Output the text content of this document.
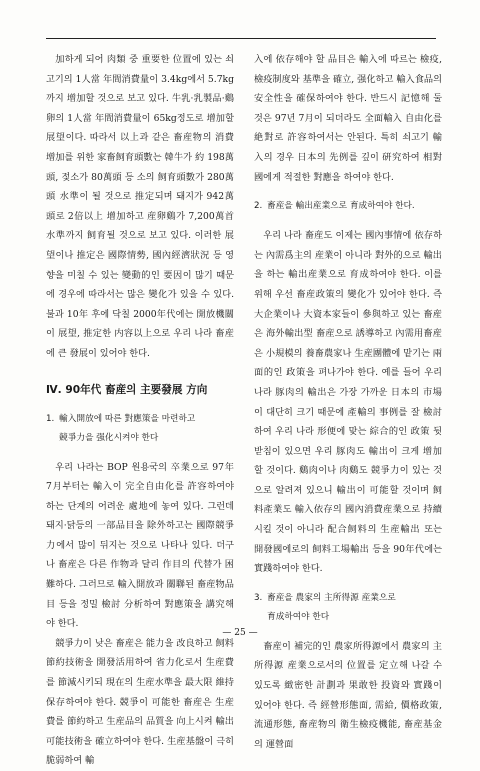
加하게 되어 肉類 중 重要한 位置에 있는 쇠고기의 1人當 年間消費量이 3.4kg에서 5.7kg까지 增加할 것으로 보고 있다. 牛乳·乳製品·鷄卵의 1人當 年間消費量이 65kg정도로 增加할 展望이다. 따라서 以上과 같은 畜産物의 消費增加를 위한 家畜飼育頭數는 韓牛가 約 198萬頭, 젖소가 80萬頭 등 소의 飼育頭數가 280萬頭 水準이 될 것으로 推定되며 돼지가 942萬頭로 2倍以上 增加하고 産卵鷄가 7,200萬首 水準까지 飼育될 것으로 보고 있다. 이러한 展望이나 推定은 國際情勢, 國內經濟狀況 등 영향을 미칠 수 있는 變動的인 要因이 많기 때문에 경우에 따라서는 많은 變化가 있을 수 있다. 불과 10年 후에 닥칠 2000年代에는 開放機關이 展望, 推定한 内容以上으로 우리 나라 畜産에 큰 發展이 있어야 한다.

Ⅳ. 90年代 畜産의 主要發展 方向

1. 輸入開放에 따른 對應策을 마련하고
競爭力을 强化시켜야 한다

우리 나라는 BOP 원용국의 卒業으로 97年 7月부터는 輸入이 完全自由化를 許容하여야 하는 단계의 어려운 處地에 놓여 있다. 그런데 돼지·닭등의 一部品目을 除外하고는 國際競爭力에서 많이 뒤지는 것으로 나타나 있다. 더구나 畜産은 다른 作物과 달리 作目의 代替가 困難하다. 그러므로 輸入開放과 關聯된 畜産物品目 등을 정밀 檢討 分析하여 對應策을 講究해야 한다.

競爭力이 낮은 畜産은 能力을 改良하고 飼料節約技術을 開發活用하여 省力化로서 生産費를 節減시키되 現在의 生産水準을 最大限 維持 保存하여야 한다. 競爭이 可能한 畜産은 生産費를 節約하고 生産品의 品質을 向上시켜 輸出可能技術을 確立하여야 한다. 生産基盤이 극히 脆弱하여 輸

入에 依存해야 할 品目은 輸入에 따르는 檢疫, 檢疫制度와 基準을 確立, 强化하고 輸入食品의 安全性을 確保하여야 한다. 반드시 記憶해 둘 것은 97년 7月이 되더라도 全面輸入 自由化를 絶對로 許容하여서는 안된다. 특히 쇠고기 輸入의 경우 日本의 先例를 깊이 硏究하여 相對國에게 적절한 對應을 하여야 한다.

2. 畜産을 輸出産業으로 育成하여야 한다.

우리 나라 畜産도 이제는 國內事情에 依存하는 內需爲主의 産業이 아니라 對外的으로 輸出을 하는 輸出産業으로 育成하여야 한다. 이를 위해 우선 畜産政策의 變化가 있어야 한다. 즉 大企業이나 大資本家들이 參與하고 있는 畜産은 海外輸出型 畜産으로 誘導하고 內需用畜産은 小規模의 養畜農家나 生産團體에 맡기는 兩面的인 政策을 펴나가야 한다. 예를 들어 우리 나라 豚肉의 輸出은 가장 가까운 日本의 市場이 대단히 크기 때문에 產輸의 事例를 잘 檢討하여 우리 나라 形便에 맞는 綜合的인 政策 뒷받침이 있으면 우리 豚肉도 輸出이 크게 增加할 것이다. 鷄肉이나 肉鷄도 競爭力이 있는 것으로 알려져 있으니 輸出이 可能할 것이며 飼料產業도 輸入依存의 國內消費産業으로 持續시킬 것이 아니라 配合飼料의 生産輸出 또는 開發國에로의 飼料工場輸出 등을 90年代에는 實踐하여야 한다.

3. 畜産을 農家의 主所得源 産業으로
育成하여야 한다

畜産이 補完的인 農家所得源에서 農家의 主所得源 産業으로서의 位置를 定立해 나갈 수 있도록 緻密한 計劃과 果敢한 投資와 實踐이 있어야 한다. 즉 經營形態面, 需給, 價格政策, 流通形態, 畜産物의 衛生檢疫機能, 畜産基金의 運營面

— 25 —
